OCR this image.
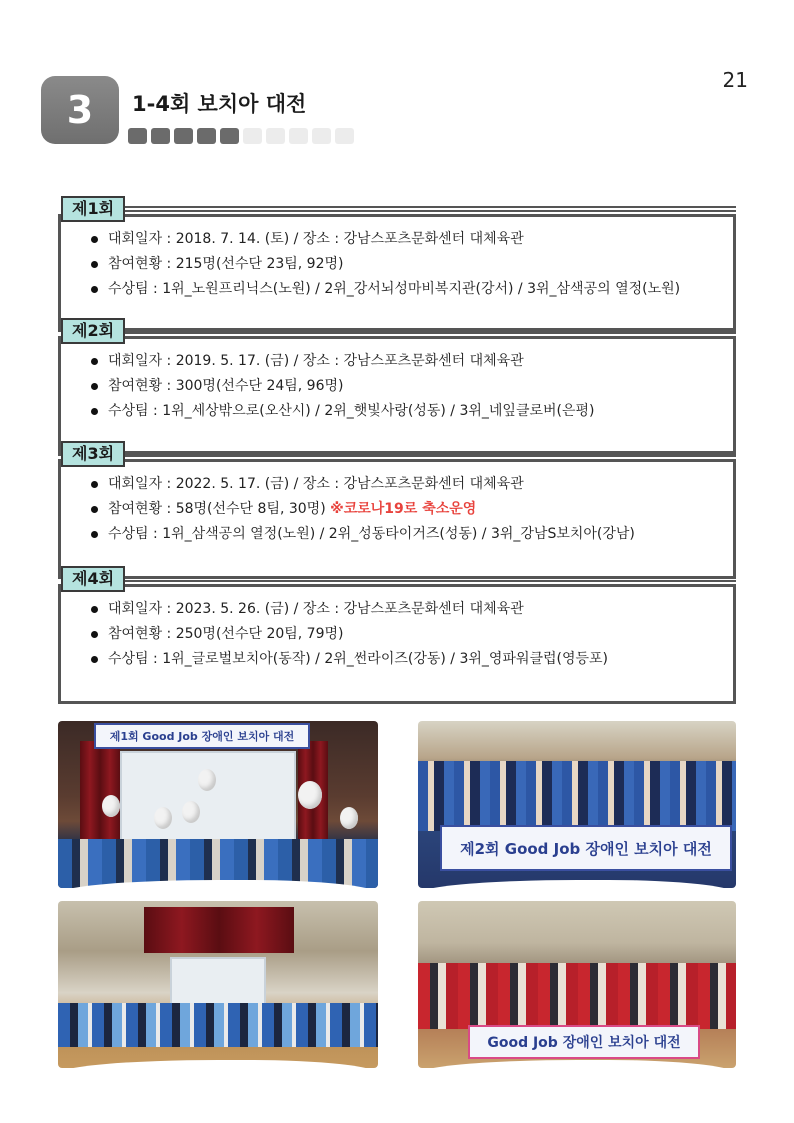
21
3	1-4회 보치아 대전
제1회
대회일자 : 2018. 7. 14. (토) / 장소 : 강남스포츠문화센터 대체육관
참여현황 : 215명(선수단 23팀, 92명)
수상팀 : 1위_노원프리닉스(노원) / 2위_강서뇌성마비복지관(강서) / 3위_삼색공의 열정(노원)
제2회
대회일자 : 2019. 5. 17. (금) / 장소 : 강남스포츠문화센터 대체육관
참여현황 : 300명(선수단 24팀, 96명)
수상팀 : 1위_세상밖으로(오산시) / 2위_햇빛사랑(성동) / 3위_네잎클로버(은평)
제3회
대회일자 : 2022. 5. 17. (금) / 장소 : 강남스포츠문화센터 대체육관
참여현황 : 58명(선수단 8팀, 30명) ※코로나19로 축소운영
수상팀 : 1위_삼색공의 열정(노원) / 2위_성동타이거즈(성동) / 3위_강남S보치아(강남)
제4회
대회일자 : 2023. 5. 26. (금) / 장소 : 강남스포츠문화센터 대체육관
참여현황 : 250명(선수단 20팀, 79명)
수상팀 : 1위_글로벌보치아(동작) / 2위_썬라이즈(강동) / 3위_영파워클럽(영등포)
제1회 Good Job 장애인 보치아 대전
제2회 Good Job 장애인 보치아 대전
Good Job 장애인 보치아 대전
